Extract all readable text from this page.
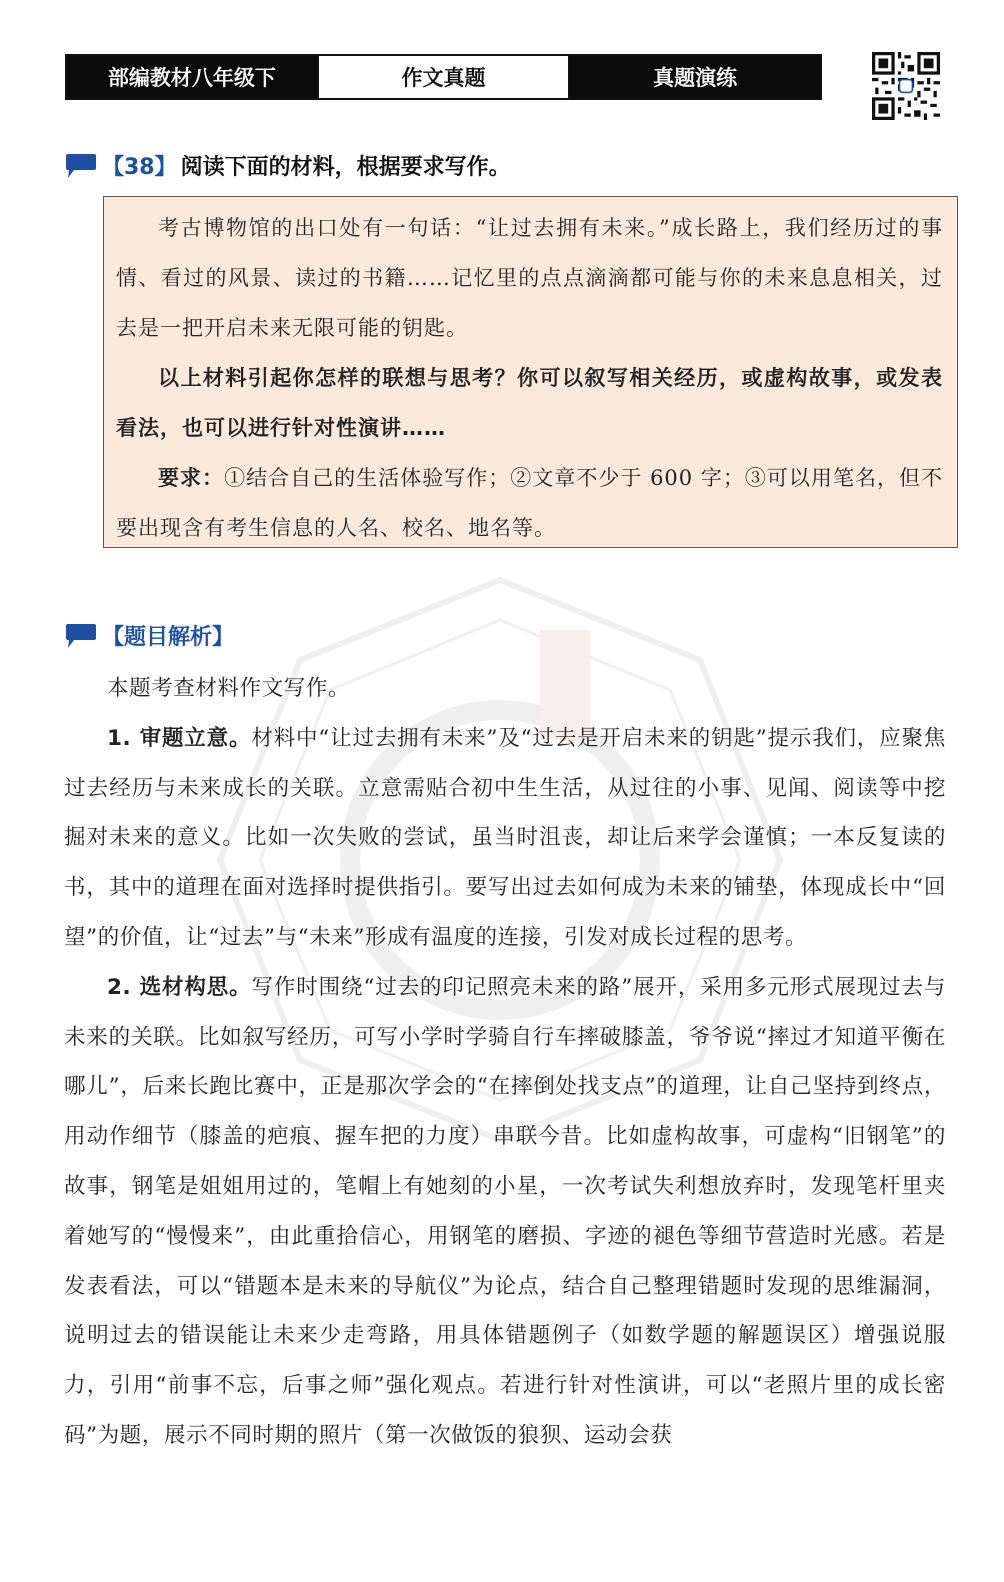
部编教材八年级下	作文真题	真题演练
【38】 阅读下面的材料，根据要求写作。

考古博物馆的出口处有一句话：“让过去拥有未来。”成长路上，我们经历过的事情、看过的风景、读过的书籍……记忆里的点点滴滴都可能与你的未来息息相关，过去是一把开启未来无限可能的钥匙。

以上材料引起你怎样的联想与思考？你可以叙写相关经历，或虚构故事，或发表看法，也可以进行针对性演讲……

要求：①结合自己的生活体验写作；②文章不少于 600 字；③可以用笔名，但不要出现含有考生信息的人名、校名、地名等。

【题目解析】

本题考查材料作文写作。

1. 审题立意。材料中“让过去拥有未来”及“过去是开启未来的钥匙”提示我们，应聚焦过去经历与未来成长的关联。立意需贴合初中生生活，从过往的小事、见闻、阅读等中挖掘对未来的意义。比如一次失败的尝试，虽当时沮丧，却让后来学会谨慎；一本反复读的书，其中的道理在面对选择时提供指引。要写出过去如何成为未来的铺垫，体现成长中“回望”的价值，让“过去”与“未来”形成有温度的连接，引发对成长过程的思考。

2. 选材构思。写作时围绕“过去的印记照亮未来的路”展开，采用多元形式展现过去与未来的关联。比如叙写经历，可写小学时学骑自行车摔破膝盖，爷爷说“摔过才知道平衡在哪儿”，后来长跑比赛中，正是那次学会的“在摔倒处找支点”的道理，让自己坚持到终点，用动作细节（膝盖的疤痕、握车把的力度）串联今昔。比如虚构故事，可虚构“旧钢笔”的故事，钢笔是姐姐用过的，笔帽上有她刻的小星，一次考试失利想放弃时，发现笔杆里夹着她写的“慢慢来”，由此重拾信心，用钢笔的磨损、字迹的褪色等细节营造时光感。若是发表看法，可以“错题本是未来的导航仪”为论点，结合自己整理错题时发现的思维漏洞，说明过去的错误能让未来少走弯路，用具体错题例子（如数学题的解题误区）增强说服力，引用“前事不忘，后事之师”强化观点。若进行针对性演讲，可以“老照片里的成长密码”为题，展示不同时期的照片（第一次做饭的狼狈、运动会获
